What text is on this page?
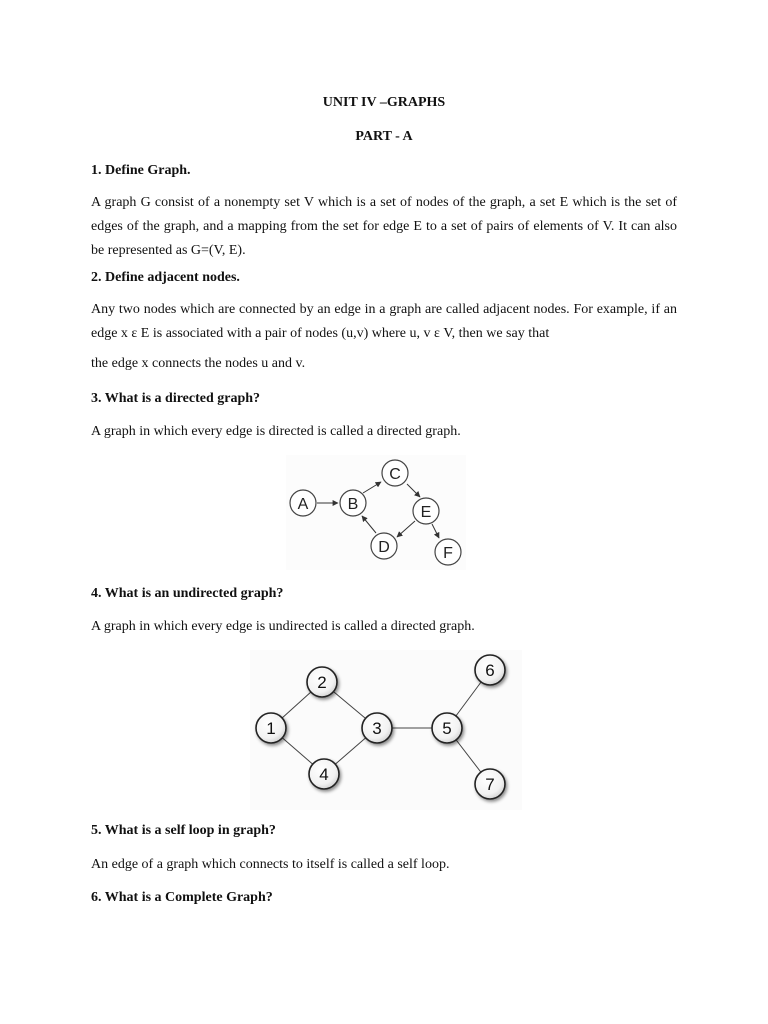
UNIT IV –GRAPHS
PART - A
1. Define Graph.
A graph G consist of a nonempty set V which is a set of nodes of the graph, a set E which is the set of edges of the graph, and a mapping from the set for edge E to a set of pairs of elements of V. It can also be represented as G=(V, E).
2. Define adjacent nodes.
Any two nodes which are connected by an edge in a graph are called adjacent nodes. For example, if an edge x ε E is associated with a pair of nodes (u,v) where u, v ε V, then we say that
the edge x connects the nodes u and v.
3. What is a directed graph?
A graph in which every edge is directed is called a directed graph.
A B
C
E
D	F
4. What is an undirected graph?
A graph in which every edge is undirected is called a directed graph.
1
2
3
4
5
6
7
5. What is a self loop in graph?
An edge of a graph which connects to itself is called a self loop.
6. What is a Complete Graph?
